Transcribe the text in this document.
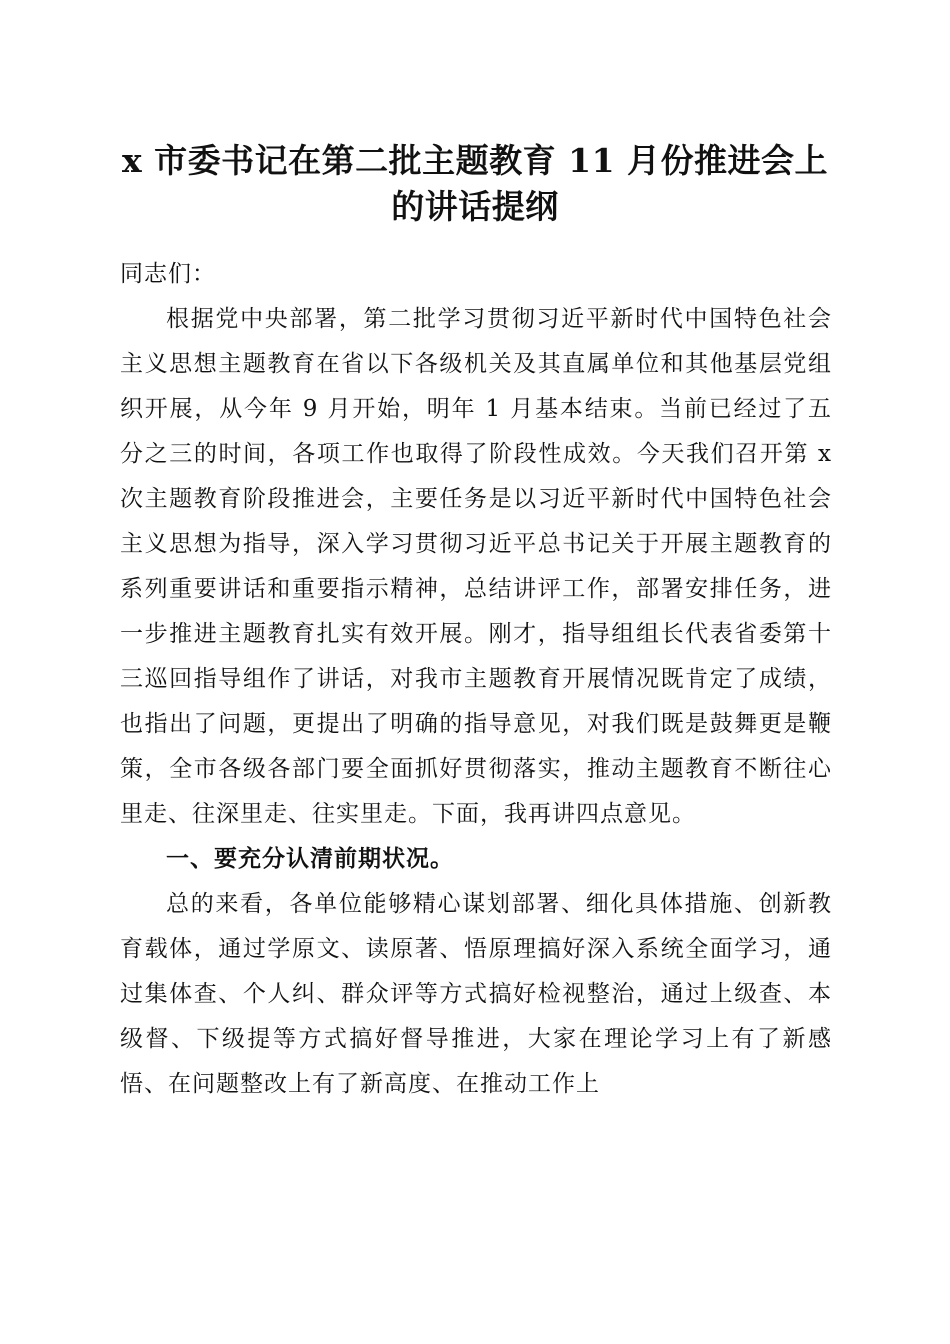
x 市委书记在第二批主题教育 11 月份推进会上
的讲话提纲

同志们：

根据党中央部署，第二批学习贯彻习近平新时代中国特色社会主义思想主题教育在省以下各级机关及其直属单位和其他基层党组织开展，从今年 9 月开始，明年 1 月基本结束。当前已经过了五分之三的时间，各项工作也取得了阶段性成效。今天我们召开第 x 次主题教育阶段推进会，主要任务是以习近平新时代中国特色社会主义思想为指导，深入学习贯彻习近平总书记关于开展主题教育的系列重要讲话和重要指示精神，总结讲评工作，部署安排任务，进一步推进主题教育扎实有效开展。刚才，指导组组长代表省委第十三巡回指导组作了讲话，对我市主题教育开展情况既肯定了成绩，也指出了问题，更提出了明确的指导意见，对我们既是鼓舞更是鞭策，全市各级各部门要全面抓好贯彻落实，推动主题教育不断往心里走、往深里走、往实里走。下面，我再讲四点意见。

一、要充分认清前期状况。

总的来看，各单位能够精心谋划部署、细化具体措施、创新教育载体，通过学原文、读原著、悟原理搞好深入系统全面学习，通过集体查、个人纠、群众评等方式搞好检视整治，通过上级查、本级督、下级提等方式搞好督导推进，大家在理论学习上有了新感悟、在问题整改上有了新高度、在推动工作上
